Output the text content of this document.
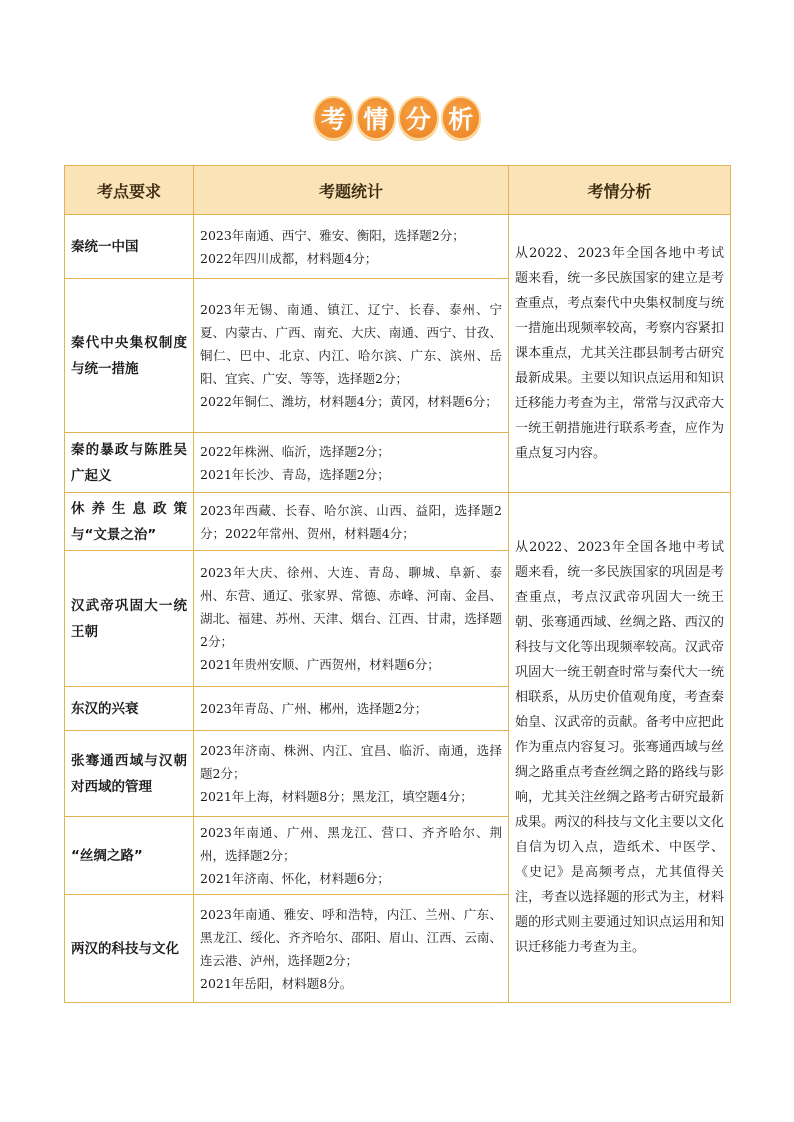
考 情 分 析
考点要求	考题统计	考情分析
秦统一中国	2023年南通、西宁、雅安、衡阳，选择题2分；
2022年四川成都，材料题4分；	从2022、2023年全国各地中考试题来看，统一多民族国家的建立是考查重点，考点秦代中央集权制度与统一措施出现频率较高，考察内容紧扣课本重点，尤其关注郡县制考古研究最新成果。主要以知识点运用和知识迁移能力考查为主，常常与汉武帝大一统王朝措施进行联系考查，应作为重点复习内容。
秦代中央集权制度与统一措施	2023年无锡、南通、镇江、辽宁、长春、泰州、宁夏、内蒙古、广西、南充、大庆、南通、西宁、甘孜、铜仁、巴中、北京、内江、哈尔滨、广东、滨州、岳阳、宜宾、广安、等等，选择题2分；
2022年铜仁、潍坊，材料题4分；黄冈，材料题6分；	

秦的暴政与陈胜吴广起义	2022年株洲、临沂，选择题2分；
2021年长沙、青岛，选择题2分；	

休养生息政策与“文景之治”	2023年西藏、长春、哈尔滨、山西、益阳，选择题2分；2022年常州、贺州，材料题4分；	从2022、2023年全国各地中考试题来看，统一多民族国家的巩固是考查重点，考点汉武帝巩固大一统王朝、张骞通西域、丝绸之路、西汉的科技与文化等出现频率较高。汉武帝巩固大一统王朝查时常与秦代大一统相联系，从历史价值观角度，考查秦始皇、汉武帝的贡献。备考中应把此作为重点内容复习。张骞通西域与丝绸之路重点考查丝绸之路的路线与影响，尤其关注丝绸之路考古研究最新成果。两汉的科技与文化主要以文化自信为切入点，造纸术、中医学、《史记》是高频考点，尤其值得关注，考查以选择题的形式为主，材料题的形式则主要通过知识点运用和知识迁移能力考查为主。
汉武帝巩固大一统王朝	2023年大庆、徐州、大连、青岛、聊城、阜新、泰州、东营、通辽、张家界、常德、赤峰、河南、金昌、湖北、福建、苏州、天津、烟台、江西、甘肃，选择题2分；
2021年贵州安顺、广西贺州，材料题6分；	

东汉的兴衰	2023年青岛、广州、郴州，选择题2分；	

张骞通西域与汉朝对西域的管理	2023年济南、株洲、内江、宜昌、临沂、南通，选择题2分；
2021年上海，材料题8分；黑龙江，填空题4分；	

“丝绸之路”	2023年南通、广州、黑龙江、营口、齐齐哈尔、荆州，选择题2分；
2021年济南、怀化，材料题6分；	

两汉的科技与文化	2023年南通、雅安、呼和浩特，内江、兰州、广东、黑龙江、绥化、齐齐哈尔、邵阳、眉山、江西、云南、连云港、泸州，选择题2分；
2021年岳阳，材料题8分。	
